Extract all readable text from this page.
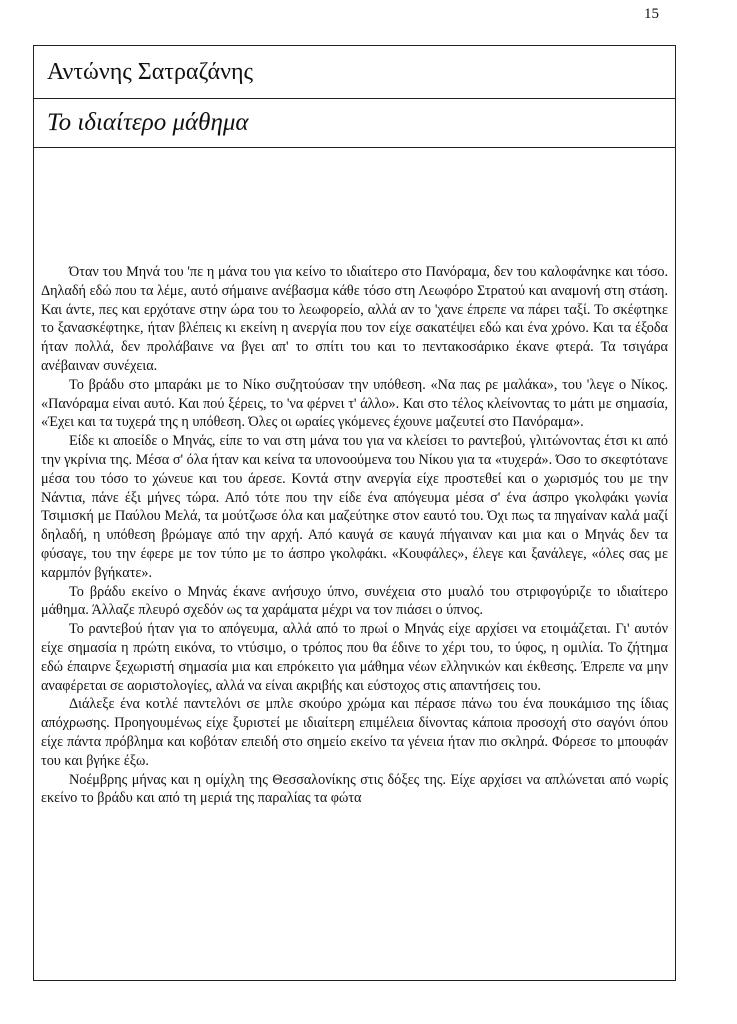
15
Αντώνης Σατραζάνης
Το ιδιαίτερο μάθημα

Όταν του Μηνά του 'πε η μάνα του για κείνο το ιδιαίτερο στο Πανόραμα, δεν του καλοφάνηκε και τόσο. Δηλαδή εδώ που τα λέμε, αυτό σήμαινε ανέβασμα κάθε τόσο στη Λεωφόρο Στρατού και αναμονή στη στάση. Και άντε, πες και ερχότανε στην ώρα του το λεωφορείο, αλλά αν το 'χανε έπρεπε να πάρει ταξί. Το σκέφτηκε το ξανασκέφτηκε, ήταν βλέπεις κι εκείνη η ανεργία που τον είχε σακατέψει εδώ και ένα χρόνο. Και τα έξοδα ήταν πολλά, δεν προλάβαινε να βγει απ' το σπίτι του και το πεντακοσάρικο έκανε φτερά. Τα τσιγάρα ανέβαιναν συνέχεια.

Το βράδυ στο μπαράκι με το Νίκο συζητούσαν την υπόθεση. «Να πας ρε μαλάκα», του 'λεγε ο Νίκος. «Πανόραμα είναι αυτό. Και πού ξέρεις, το 'να φέρνει τ' άλλο». Και στο τέλος κλείνοντας το μάτι με σημασία, «Έχει και τα τυχερά της η υπόθεση. Όλες οι ωραίες γκόμενες έχουνε μαζευτεί στο Πανόραμα».

Είδε κι αποείδε ο Μηνάς, είπε το ναι στη μάνα του για να κλείσει το ραντεβού, γλιτώνοντας έτσι κι από την γκρίνια της. Μέσα σ' όλα ήταν και κείνα τα υπονοούμενα του Νίκου για τα «τυχερά». Όσο το σκεφτότανε μέσα του τόσο το χώνευε και του άρεσε. Κοντά στην ανεργία είχε προστεθεί και ο χωρισμός του με την Νάντια, πάνε έξι μήνες τώρα. Από τότε που την είδε ένα απόγευμα μέσα σ' ένα άσπρο γκολφάκι γωνία Τσιμισκή με Παύλου Μελά, τα μούτζωσε όλα και μαζεύτηκε στον εαυτό του. Όχι πως τα πηγαίναν καλά μαζί δηλαδή, η υπόθεση βρώμαγε από την αρχή. Από καυγά σε καυγά πήγαιναν και μια και ο Μηνάς δεν τα φύσαγε, του την έφερε με τον τύπο με το άσπρο γκολφάκι. «Κουφάλες», έλεγε και ξανάλεγε, «όλες σας με καρμπόν βγήκατε».

Το βράδυ εκείνο ο Μηνάς έκανε ανήσυχο ύπνο, συνέχεια στο μυαλό του στριφογύριζε το ιδιαίτερο μάθημα. Άλλαζε πλευρό σχεδόν ως τα χαράματα μέχρι να τον πιάσει ο ύπνος.

Το ραντεβού ήταν για το απόγευμα, αλλά από το πρωί ο Μηνάς είχε αρχίσει να ετοιμάζεται. Γι' αυτόν είχε σημασία η πρώτη εικόνα, το ντύσιμο, ο τρόπος που θα έδινε το χέρι του, το ύφος, η ομιλία. Το ζήτημα εδώ έπαιρνε ξεχωριστή σημασία μια και επρόκειτο για μάθημα νέων ελληνικών και έκθεσης. Έπρεπε να μην αναφέρεται σε αοριστολογίες, αλλά να είναι ακριβής και εύστοχος στις απαντήσεις του.

Διάλεξε ένα κοτλέ παντελόνι σε μπλε σκούρο χρώμα και πέρασε πάνω του ένα πουκάμισο της ίδιας απόχρωσης. Προηγουμένως είχε ξυριστεί με ιδιαίτερη επιμέλεια δίνοντας κάποια προσοχή στο σαγόνι όπου είχε πάντα πρόβλημα και κοβόταν επειδή στο σημείο εκείνο τα γένεια ήταν πιο σκληρά. Φόρεσε το μπουφάν του και βγήκε έξω.

Νοέμβρης μήνας και η ομίχλη της Θεσσαλονίκης στις δόξες της. Είχε αρχίσει να απλώνεται από νωρίς εκείνο το βράδυ και από τη μεριά της παραλίας τα φώτα
